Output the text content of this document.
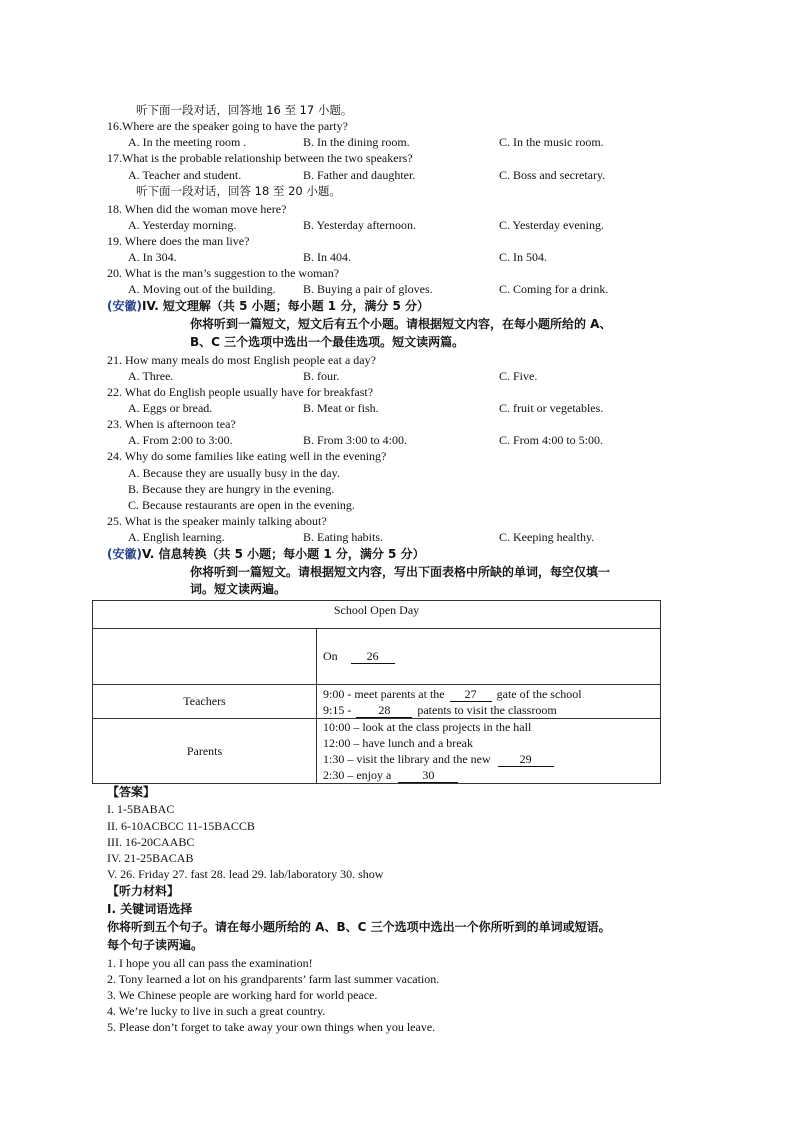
听下面一段对话，回答地 16 至 17 小题。
16.Where are the speaker going to have the party?
A. In the meeting room .	B. In the dining room.	C. In the music room.
17.What is the probable relationship between the two speakers?
A. Teacher and student.	B. Father and daughter.	C. Boss and secretary.
听下面一段对话，回答 18 至 20 小题。
18. When did the woman move here?
A. Yesterday morning.	B. Yesterday afternoon.	C. Yesterday evening.
19. Where does the man live?
A. In 304.	B. In 404.	C. In 504.
20. What is the man’s suggestion to the woman?
A. Moving out of the building. B. Buying a pair of gloves.	C. Coming for a drink.
(安徽)IV. 短文理解（共 5 小题；每小题 1 分，满分 5 分）
你将听到一篇短文，短文后有五个小题。请根据短文内容，在每小题所给的 A、
B、C 三个选项中选出一个最佳选项。短文读两篇。
21. How many meals do most English people eat a day?
A. Three.	B. four.	C. Five.
22. What do English people usually have for breakfast?
A. Eggs or bread.	B. Meat or fish.	C. fruit or vegetables.
23. When is afternoon tea?
A. From 2:00 to 3:00.	B. From 3:00 to 4:00.	C. From 4:00 to 5:00.
24. Why do some families like eating well in the evening?
A. Because they are usually busy in the day.
B. Because they are hungry in the evening.
C. Because restaurants are open in the evening.
25. What is the speaker mainly talking about?
A. English learning.	B. Eating habits.	C. Keeping healthy.
(安徽)V. 信息转换（共 5 小题；每小题 1 分，满分 5 分）
你将听到一篇短文。请根据短文内容，写出下面表格中所缺的单词，每空仅填一
词。短文读两遍。
School Open Day	
	On 26
Teachers	9:00 - meet parents at the 27 gate of the school
9:15 - 28 patents to visit the classroom

Parents	10:00 – look at the class projects in the hall
12:00 – have lunch and a break
1:30 – visit the library and the new 29
2:30 – enjoy a 30
【答案】
I. 1-5BABAC
II. 6-10ACBCC 11-15BACCB
III. 16-20CAABC
IV. 21-25BACAB
V. 26. Friday 27. fast 28. lead 29. lab/laboratory 30. show
【听力材料】
I. 关键词语选择
你将听到五个句子。请在每小题所给的 A、B、C 三个选项中选出一个你所听到的单词或短语。
每个句子读两遍。
1. I hope you all can pass the examination!
2. Tony learned a lot on his grandparents’ farm last summer vacation.
3. We Chinese people are working hard for world peace.
4. We’re lucky to live in such a great country.
5. Please don’t forget to take away your own things when you leave.
